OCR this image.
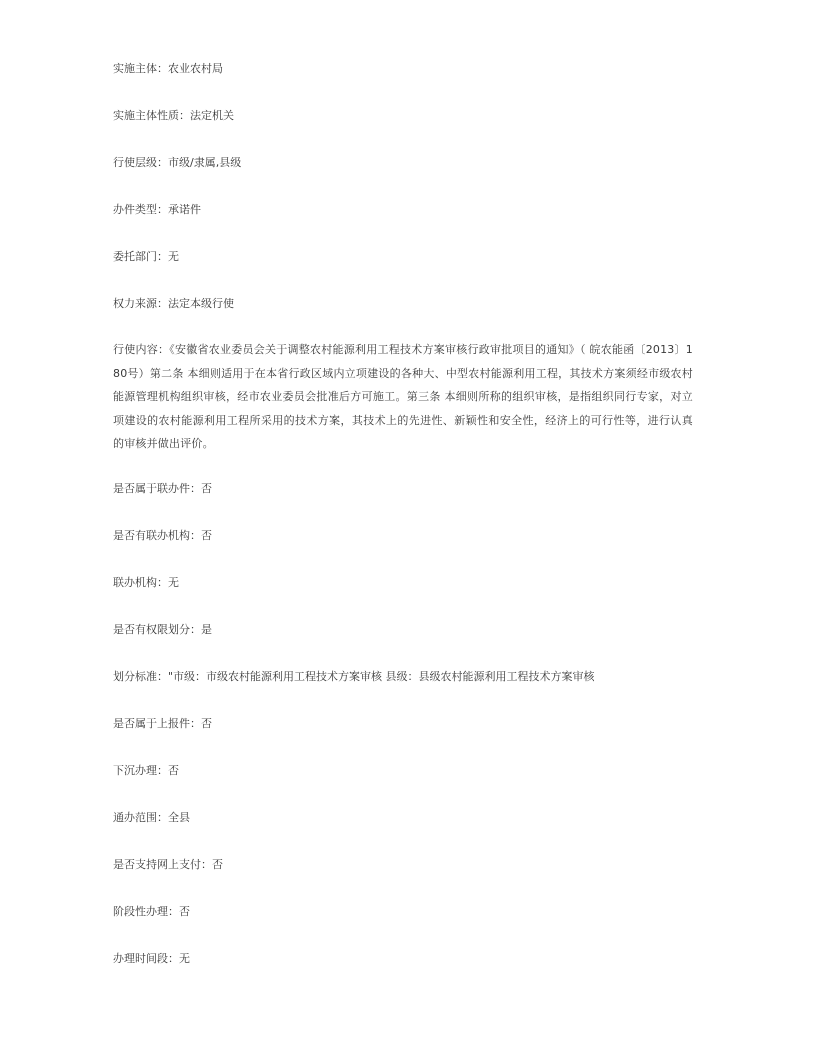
实施主体：农业农村局

实施主体性质：法定机关

行使层级：市级/隶属,县级

办件类型：承诺件

委托部门：无

权力来源：法定本级行使

行使内容：《安徽省农业委员会关于调整农村能源利用工程技术方案审核行政审批项目的通知》（ 皖农能函〔2013〕180号）第二条 本细则适用于在本省行政区域内立项建设的各种大、中型农村能源利用工程，其技术方案须经市级农村能源管理机构组织审核，经市农业委员会批准后方可施工。第三条 本细则所称的组织审核，是指组织同行专家，对立项建设的农村能源利用工程所采用的技术方案，其技术上的先进性、新颖性和安全性，经济上的可行性等，进行认真的审核并做出评价。

是否属于联办件：否

是否有联办机构：否

联办机构：无

是否有权限划分：是

划分标准："市级：市级农村能源利用工程技术方案审核 县级：县级农村能源利用工程技术方案审核

是否属于上报件：否

下沉办理：否

通办范围：全县

是否支持网上支付：否

阶段性办理：否

办理时间段：无
